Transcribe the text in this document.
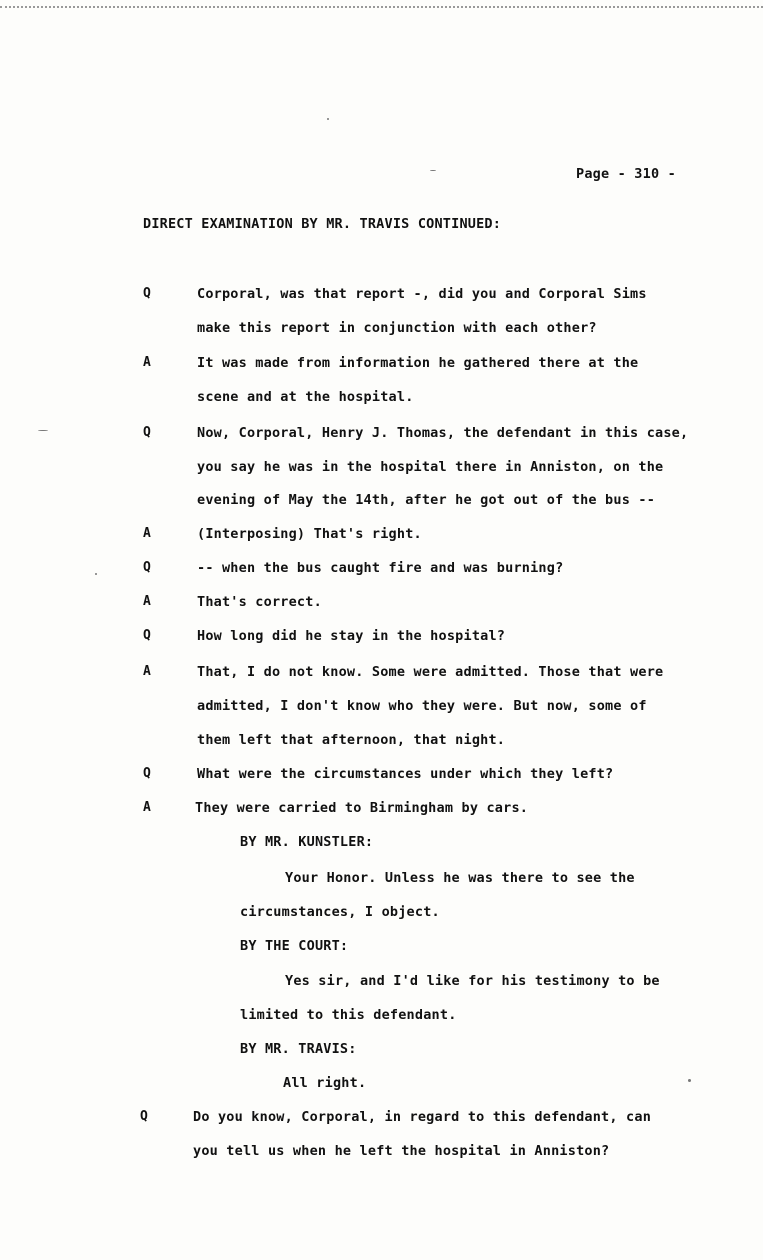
Page - 310 -
DIRECT EXAMINATION BY MR. TRAVIS CONTINUED:
Q	Corporal, was that report -, did you and Corporal Sims
make this report in conjunction with each other?
A	It was made from information he gathered there at the
scene and at the hospital.
Q	Now, Corporal, Henry J. Thomas, the defendant in this case,
you say he was in the hospital there in Anniston, on the
evening of May the 14th, after he got out of the bus --
A	(Interposing) That's right.
Q	-- when the bus caught fire and was burning?
A	That's correct.
Q	How long did he stay in the hospital?
A	That, I do not know. Some were admitted. Those that were
admitted, I don't know who they were. But now, some of
them left that afternoon, that night.
Q	What were the circumstances under which they left?
A	They were carried to Birmingham by cars.
BY MR. KUNSTLER:
Your Honor. Unless he was there to see the
circumstances, I object.
BY THE COURT:
Yes sir, and I'd like for his testimony to be
limited to this defendant.
BY MR. TRAVIS:
All right.
Q	Do you know, Corporal, in regard to this defendant, can
you tell us when he left the hospital in Anniston?
